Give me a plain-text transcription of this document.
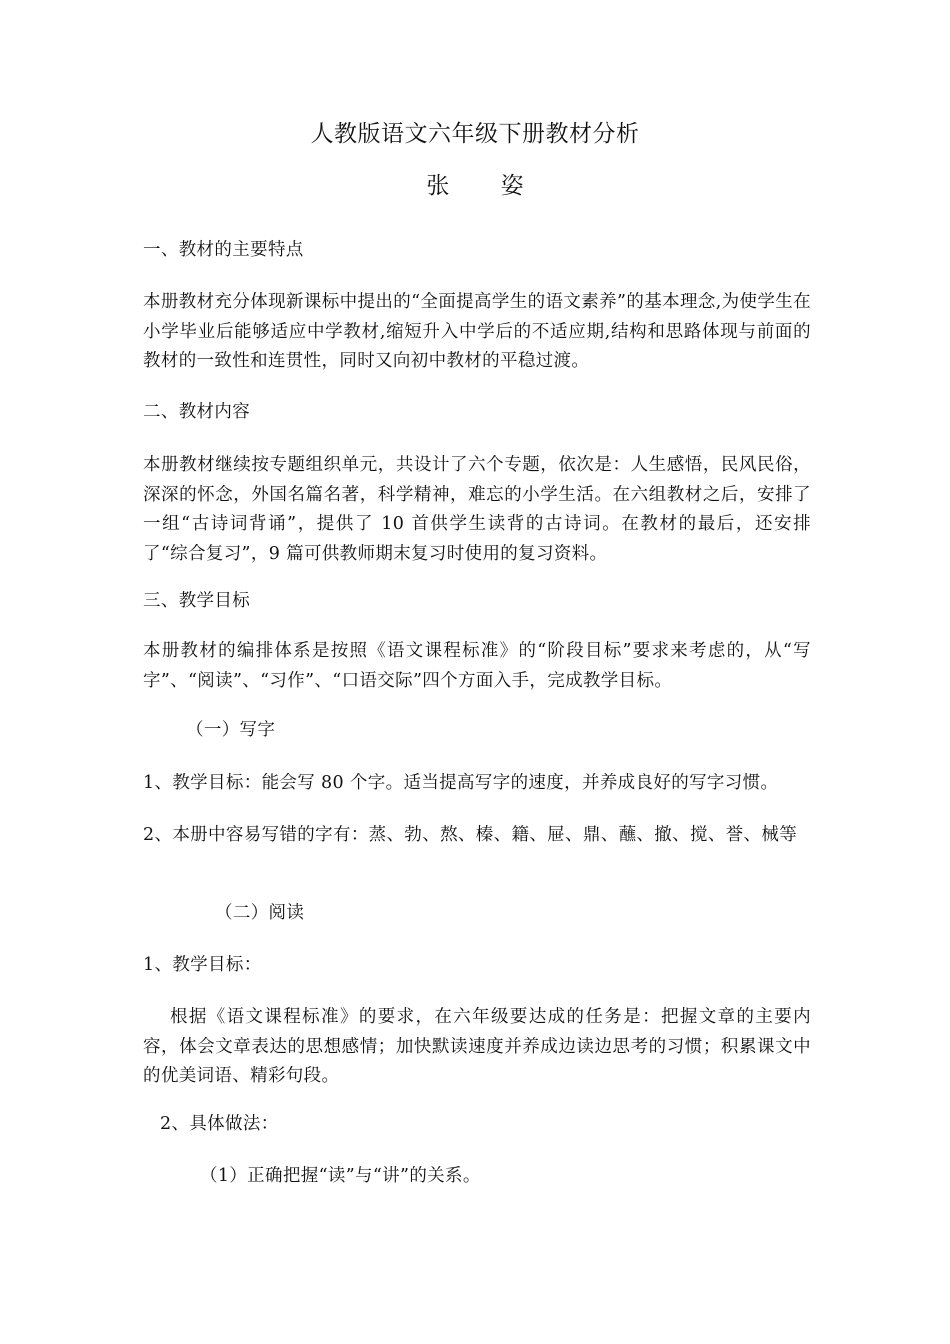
人教版语文六年级下册教材分析
张 姿

一、教材的主要特点

本册教材充分体现新课标中提出的“全面提高学生的语文素养”的基本理念,为使学生在小学毕业后能够适应中学教材,缩短升入中学后的不适应期,结构和思路体现与前面的教材的一致性和连贯性，同时又向初中教材的平稳过渡。

二、教材内容

本册教材继续按专题组织单元，共设计了六个专题，依次是：人生感悟，民风民俗，深深的怀念，外国名篇名著，科学精神，难忘的小学生活。在六组教材之后，安排了一组“古诗词背诵”，提供了 10 首供学生读背的古诗词。在教材的最后，还安排了“综合复习”，9 篇可供教师期末复习时使用的复习资料。

三、教学目标

本册教材的编排体系是按照《语文课程标准》的“阶段目标”要求来考虑的，从“写字”、“阅读”、“习作”、“口语交际”四个方面入手，完成教学目标。

（一）写字

1、教学目标：能会写 80 个字。适当提高写字的速度，并养成良好的写字习惯。

2、本册中容易写错的字有：蒸、勃、熬、榛、籍、屉、鼎、蘸、撤、搅、誉、械等

（二）阅读

1、教学目标：

根据《语文课程标准》的要求，在六年级要达成的任务是：把握文章的主要内容，体会文章表达的思想感情；加快默读速度并养成边读边思考的习惯；积累课文中的优美词语、精彩句段。

2、具体做法：

（1）正确把握“读”与“讲”的关系。
